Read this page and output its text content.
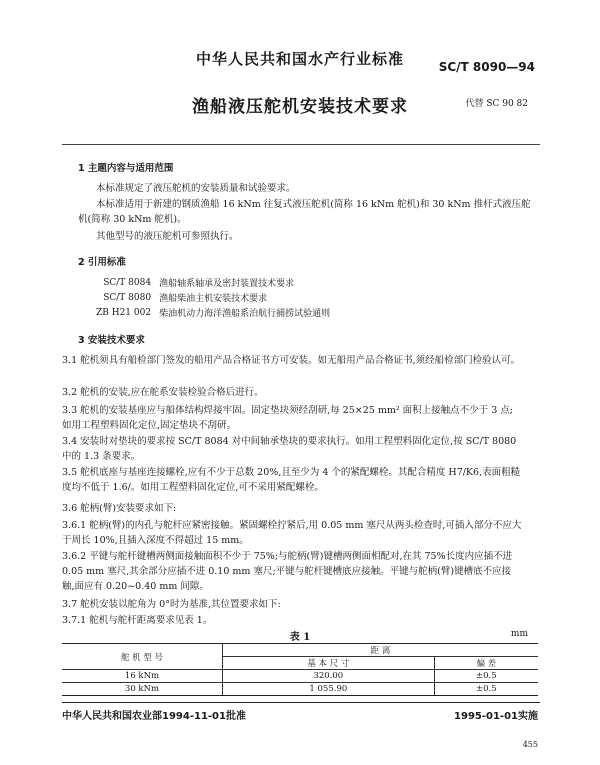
中华人民共和国水产行业标准	SC/T 8090—94
渔船液压舵机安装技术要求	代替 SC 90 82
1 主题内容与适用范围
本标准规定了液压舵机的安装质量和试验要求。
本标准适用于新建的钢质渔船 16 kNm 往复式液压舵机(简称 16 kNm 舵机)和 30 kNm 推杆式液压舵机(简称 30 kNm 舵机)。
其他型号的液压舵机可参照执行。
2 引用标准
SC/T 8084	渔船轴系轴承及密封装置技术要求
SC/T 8080	渔船柴油主机安装技术要求
ZB H21 002	柴油机动力海洋渔船系泊航行捕捞试验通则
3 安装技术要求
3.1 舵机须具有船检部门签发的船用产品合格证书方可安装。如无船用产品合格证书,须经船检部门检验认可。
3.2 舵机的安装,应在舵系安装检验合格后进行。
3.3 舵机的安装基座应与船体结构焊接牢固。固定垫块须经刮研,每 25×25 mm² 面积上接触点不少于 3 点;如用工程塑料固化定位,固定垫块不刮研。
3.4 安装时对垫块的要求按 SC/T 8084 对中间轴承垫块的要求执行。如用工程塑料固化定位,按 SC/T 8080中的 1.3 条要求。
3.5 舵机底座与基座连接螺栓,应有不少于总数 20%,且至少为 4 个的紧配螺栓。其配合精度 H7/K6,表面粗糙度均不低于 1.6/。如用工程塑料固化定位,可不采用紧配螺栓。
3.6 舵柄(臂)安装要求如下:
3.6.1 舵柄(臂)的内孔与舵杆应紧密接触。紧固螺栓拧紧后,用 0.05 mm 塞尺从两头检查时,可插入部分不应大于周长 10%,且插入深度不得超过 15 mm。
3.6.2 平键与舵杆键槽两侧面接触面积不少于 75%;与舵柄(臂)键槽两侧面相配对,在其 75%长度内应插不进 0.05 mm 塞尺,其余部分应插不进 0.10 mm 塞尺;平键与舵杆键槽底应接触。平键与舵柄(臂)键槽底不应接触,面应有 0.20~0.40 mm 间隙。
3.7 舵机安装以舵角为 0°时为基准,其位置要求如下:
3.7.1 舵机与舵杆距离要求见表 1。
表 1	mm
舵 机 型 号	距 离	
	基 本 尺 寸	偏 差
16 kNm	320.00	±0.5
30 kNm	1 055.90	±0.5
中华人民共和国农业部1994-11-01批准	1995-01-01实施
455
